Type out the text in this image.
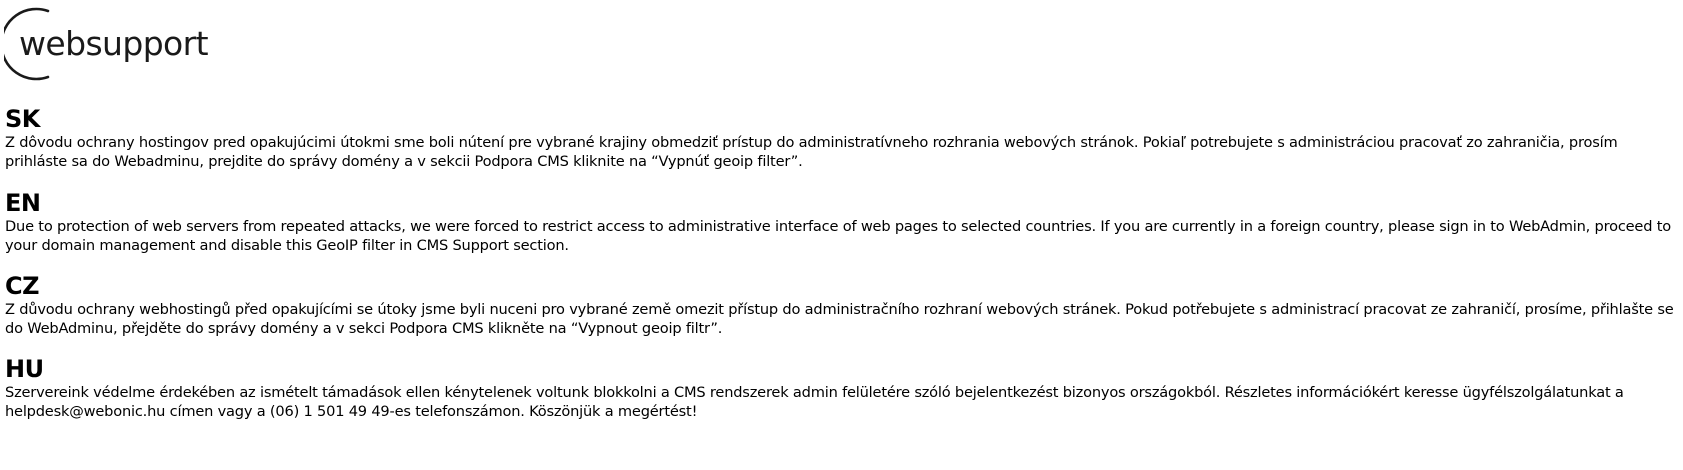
websupport
SK

Z dôvodu ochrany hostingov pred opakujúcimi útokmi sme boli nútení pre vybrané krajiny obmedziť prístup do administratívneho rozhrania webových stránok. Pokiaľ potrebujete s administráciou pracovať zo zahraničia, prosím prihláste sa do Webadminu, prejdite do správy domény a v sekcii Podpora CMS kliknite na “Vypnúť geoip filter”.

EN

Due to protection of web servers from repeated attacks, we were forced to restrict access to administrative interface of web pages to selected countries. If you are currently in a foreign country, please sign in to WebAdmin, proceed to your domain management and disable this GeoIP filter in CMS Support section.

CZ

Z důvodu ochrany webhostingů před opakujícími se útoky jsme byli nuceni pro vybrané země omezit přístup do administračního rozhraní webových stránek. Pokud potřebujete s administrací pracovat ze zahraničí, prosíme, přihlašte se do WebAdminu, přejděte do správy domény a v sekci Podpora CMS klikněte na “Vypnout geoip filtr”.

HU

Szervereink védelme érdekében az ismételt támadások ellen kénytelenek voltunk blokkolni a CMS rendszerek admin felületére szóló bejelentkezést bizonyos országokból. Részletes információkért keresse ügyfélszolgálatunkat a helpdesk@webonic.hu címen vagy a (06) 1 501 49 49-es telefonszámon. Köszönjük a megértést!
